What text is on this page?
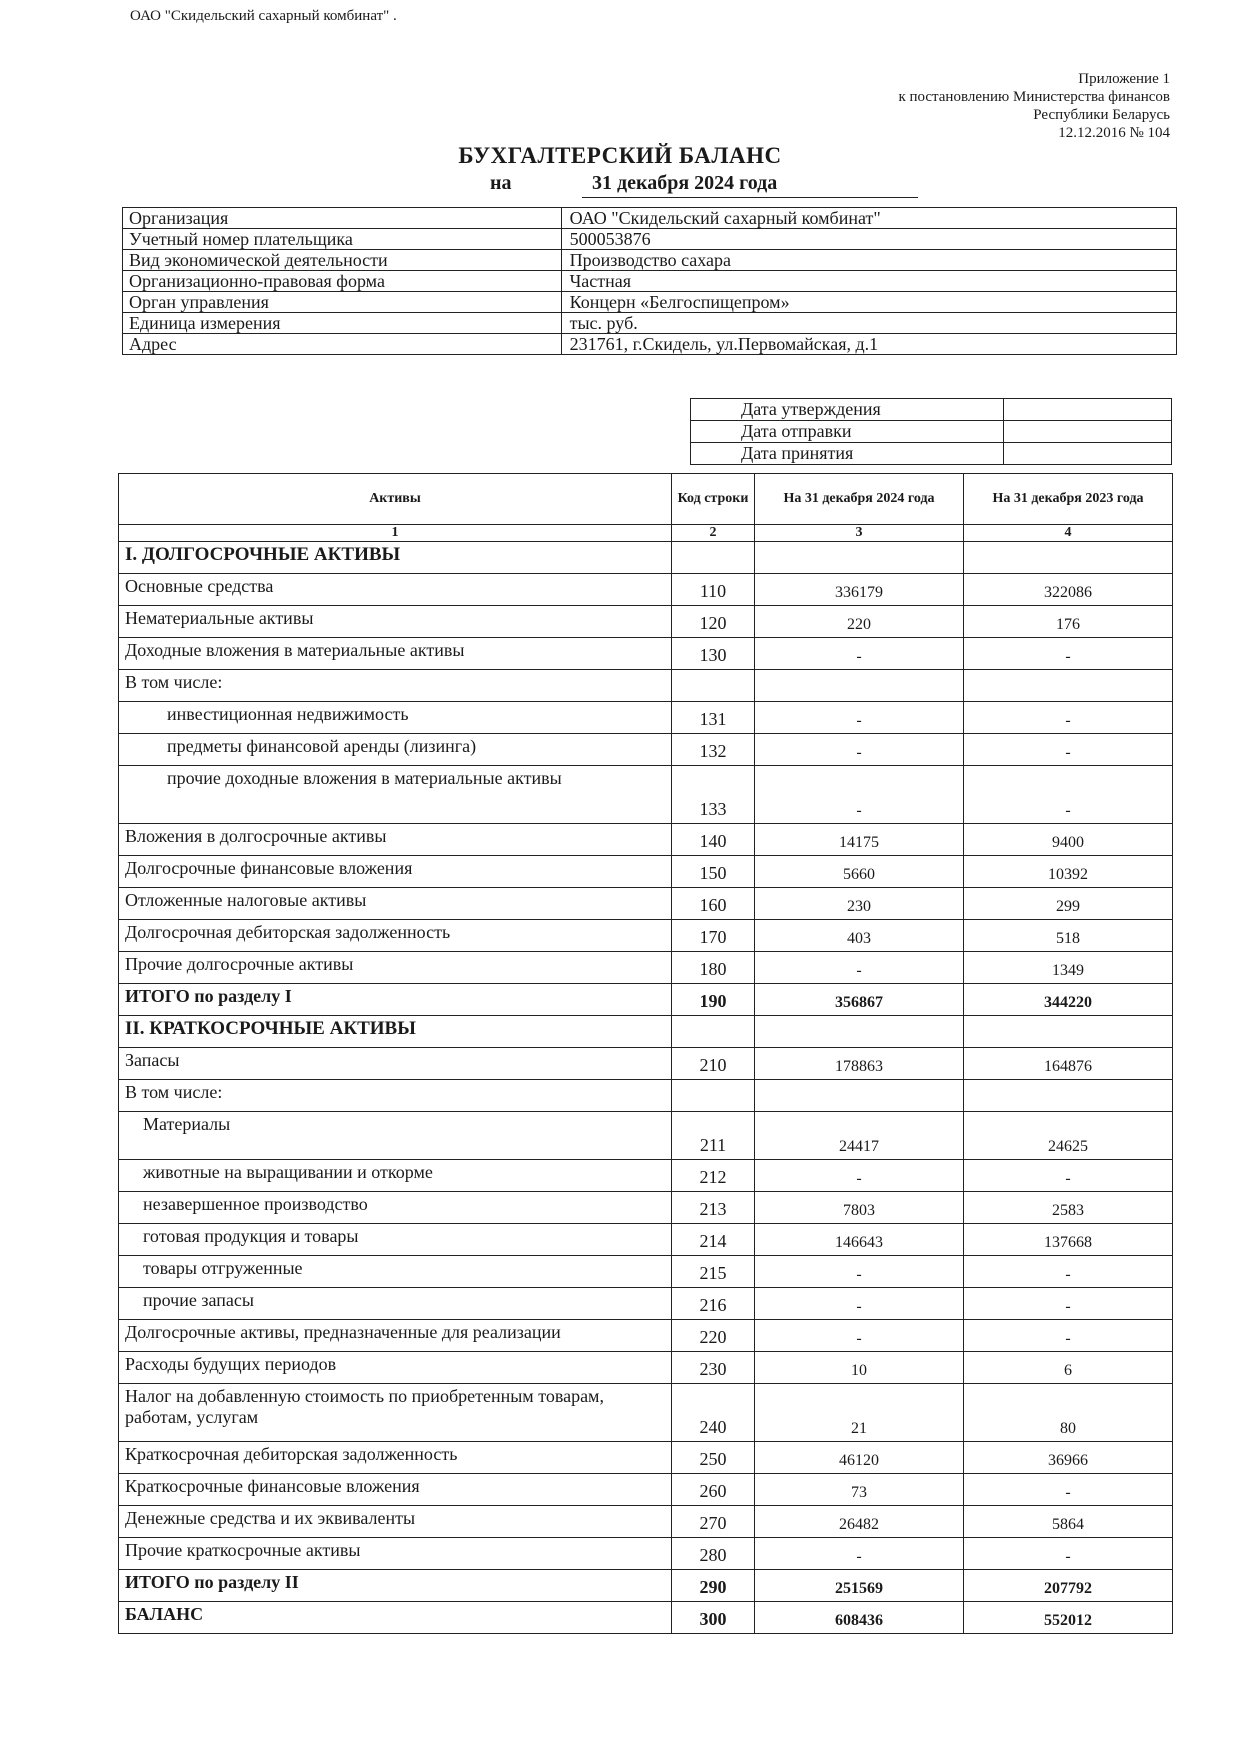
ОАО "Скидельский сахарный комбинат" .
Приложение 1
к постановлению Министерства финансов
Республики Беларусь
12.12.2016 № 104
БУХГАЛТЕРСКИЙ БАЛАНС
на	31 декабря 2024 года
Организация	ОАО "Скидельский сахарный комбинат"
Учетный номер плательщика	500053876
Вид экономической деятельности	Производство сахара
Организационно-правовая форма	Частная
Орган управления	Концерн «Белгоспищепром»
Единица измерения	тыс. руб.
Адрес	231761, г.Скидель, ул.Первомайская, д.1
Дата утверждения	
Дата отправки	
Дата принятия	
Активы	Код строки	На 31 декабря 2024 года	На 31 декабря 2023 года
1	2	3	4
I. ДОЛГОСРОЧНЫЕ АКТИВЫ			
Основные средства	110	336179	322086
Нематериальные активы	120	220	176
Доходные вложения в материальные активы	130	-	-
В том числе:			
инвестиционная недвижимость	131	-	-
предметы финансовой аренды (лизинга)	132	-	-
прочие доходные вложения в материальные активы	133	-	-
Вложения в долгосрочные активы	140	14175	9400
Долгосрочные финансовые вложения	150	5660	10392
Отложенные налоговые активы	160	230	299
Долгосрочная дебиторская задолженность	170	403	518
Прочие долгосрочные активы	180	-	1349
ИТОГО по разделу I	190	356867	344220
II. КРАТКОСРОЧНЫЕ АКТИВЫ			
Запасы	210	178863	164876
В том числе:			
Материалы	211	24417	24625
животные на выращивании и откорме	212	-	-
незавершенное производство	213	7803	2583
готовая продукция и товары	214	146643	137668
товары отгруженные	215	-	-
прочие запасы	216	-	-
Долгосрочные активы, предназначенные для реализации	220	-	-
Расходы будущих периодов	230	10	6
Налог на добавленную стоимость по приобретенным товарам, работам, услугам	240	21	80
Краткосрочная дебиторская задолженность	250	46120	36966
Краткосрочные финансовые вложения	260	73	-
Денежные средства и их эквиваленты	270	26482	5864
Прочие краткосрочные активы	280	-	-
ИТОГО по разделу II	290	251569	207792
БАЛАНС	300	608436	552012
